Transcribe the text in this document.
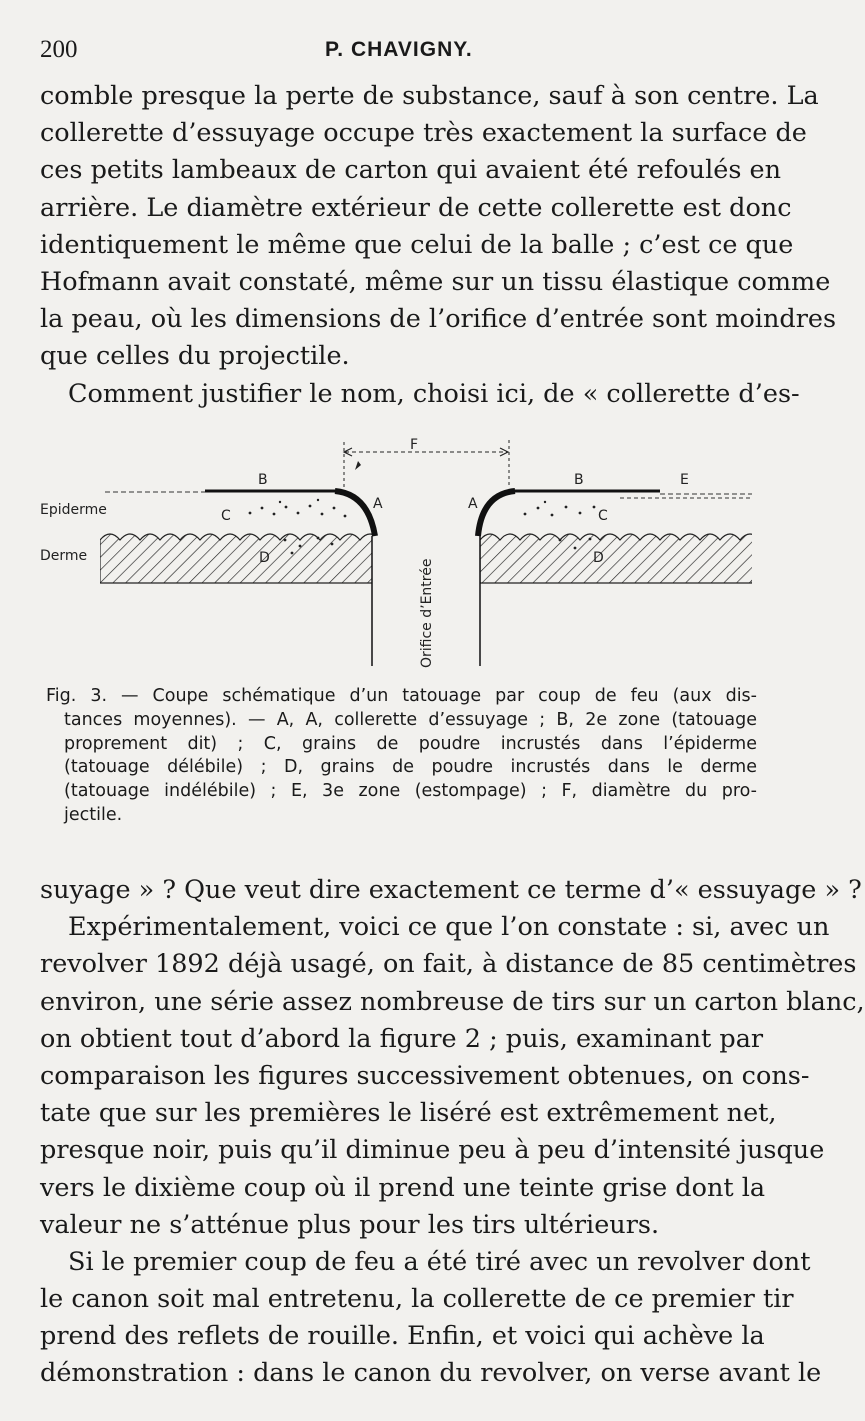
200	P. CHAVIGNY.
comble presque la perte de substance, sauf à son centre. La
collerette d’essuyage occupe très exactement la surface de
ces petits lambeaux de carton qui avaient été refoulés en
arrière. Le diamètre extérieur de cette collerette est donc
identiquement le même que celui de la balle ; c’est ce que
Hofmann avait constaté, même sur un tissu élastique comme
la peau, où les dimensions de l’orifice d’entrée sont moindres
que celles du projectile.
Comment justifier le nom, choisi ici, de « collerette d’es-
Epiderme
Derme
F
B	B	E
C	C
A	A
D	D
Orifice d’Entrée
Fig. 3. — Coupe schématique d’un tatouage par coup de feu (aux dis-
tances moyennes). — A, A, collerette d’essuyage ; B, 2e zone (tatouage
proprement dit) ; C, grains de poudre incrustés dans l’épiderme
(tatouage délébile) ; D, grains de poudre incrustés dans le derme
(tatouage indélébile) ; E, 3e zone (estompage) ; F, diamètre du pro-
jectile.
suyage » ? Que veut dire exactement ce terme d’« essuyage » ?
Expérimentalement, voici ce que l’on constate : si, avec un
revolver 1892 déjà usagé, on fait, à distance de 85 centimètres
environ, une série assez nombreuse de tirs sur un carton blanc,
on obtient tout d’abord la figure 2 ; puis, examinant par
comparaison les figures successivement obtenues, on cons-
tate que sur les premières le liséré est extrêmement net,
presque noir, puis qu’il diminue peu à peu d’intensité jusque
vers le dixième coup où il prend une teinte grise dont la
valeur ne s’atténue plus pour les tirs ultérieurs.
Si le premier coup de feu a été tiré avec un revolver dont
le canon soit mal entretenu, la collerette de ce premier tir
prend des reflets de rouille. Enfin, et voici qui achève la
démonstration : dans le canon du revolver, on verse avant le
